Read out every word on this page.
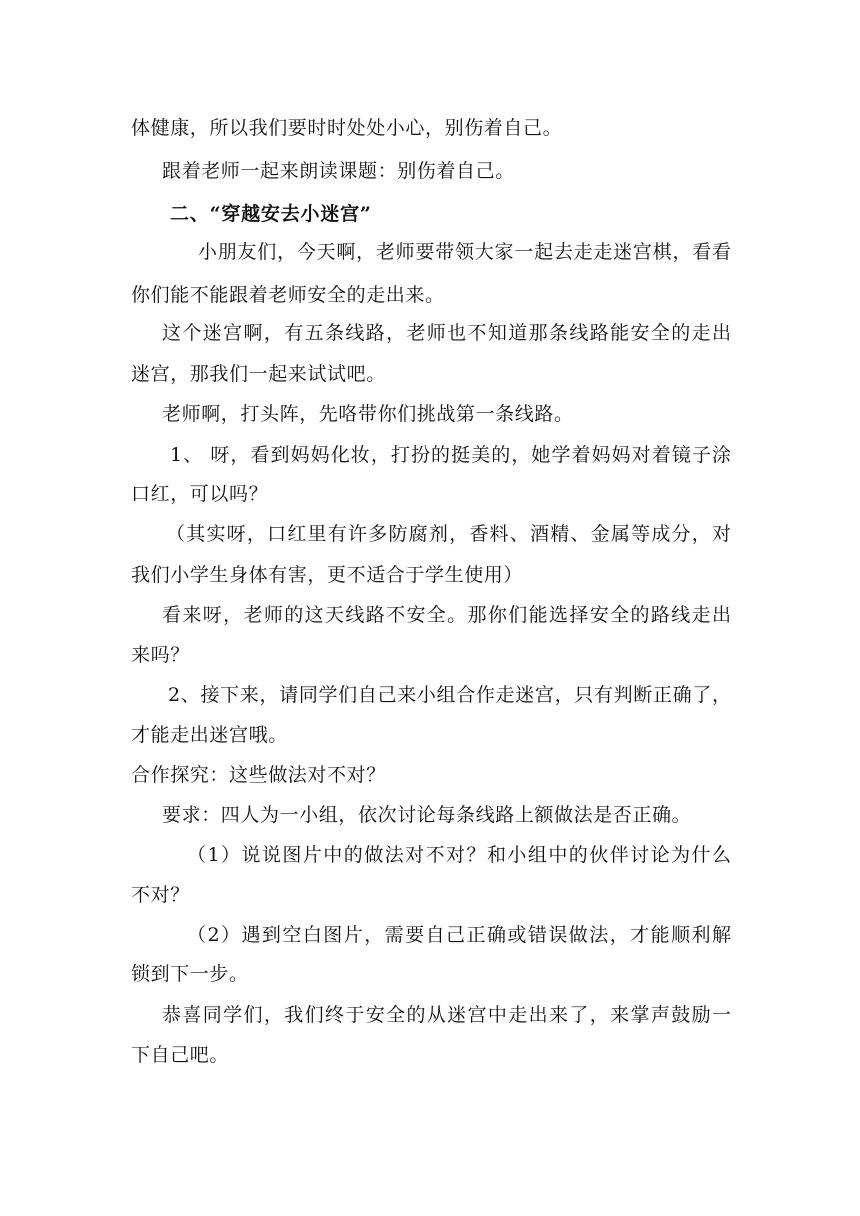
体健康，所以我们要时时处处小心，别伤着自己。
跟着老师一起来朗读课题：别伤着自己。
二、“穿越安去小迷宫”
小朋友们，今天啊，老师要带领大家一起去走走迷宫棋，看看
你们能不能跟着老师安全的走出来。
这个迷宫啊，有五条线路，老师也不知道那条线路能安全的走出
迷宫，那我们一起来试试吧。
老师啊，打头阵，先咯带你们挑战第一条线路。
1、 呀，看到妈妈化妆，打扮的挺美的，她学着妈妈对着镜子涂
口红，可以吗？
（其实呀，口红里有许多防腐剂，香料、酒精、金属等成分，对
我们小学生身体有害，更不适合于学生使用）
看来呀，老师的这天线路不安全。那你们能选择安全的路线走出
来吗？
2、接下来，请同学们自己来小组合作走迷宫，只有判断正确了，
才能走出迷宫哦。
合作探究：这些做法对不对？
要求：四人为一小组，依次讨论每条线路上额做法是否正确。
（1）说说图片中的做法对不对？和小组中的伙伴讨论为什么
不对？
（2）遇到空白图片，需要自己正确或错误做法，才能顺利解
锁到下一步。
恭喜同学们，我们终于安全的从迷宫中走出来了，来掌声鼓励一
下自己吧。
